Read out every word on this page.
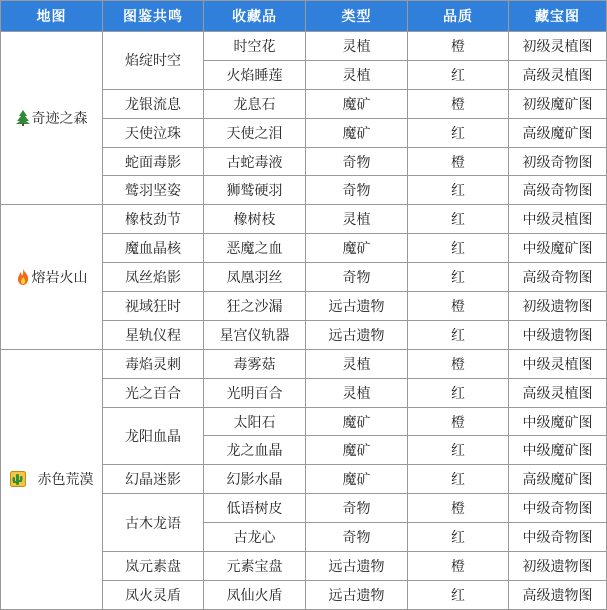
地图	图鉴共鸣	收藏品	类型	品质	藏宝图

奇迹之森	焰绽时空	时空花	灵植	橙	初级灵植图
		火焰睡莲	灵植	红	高级灵植图
	龙银流息	龙息石	魔矿	橙	初级魔矿图
	天使泣珠	天使之泪	魔矿	红	高级魔矿图
	蛇面毒影	古蛇毒液	奇物	橙	初级奇物图
	鹫羽坚姿	狮鹫硬羽	奇物	红	高级奇物图

熔岩火山	橡枝劲节	橡树枝	灵植	红	中级灵植图
	魔血晶核	恶魔之血	魔矿	红	中级魔矿图
	凤丝焰影	凤凰羽丝	奇物	红	高级奇物图
	视域狂时	狂之沙漏	远古遗物	橙	初级遗物图
	星轨仪程	星宫仪轨器	远古遗物	红	中级遗物图

赤色荒漠	毒焰灵刺	毒雾菇	灵植	橙	中级灵植图
	光之百合	光明百合	灵植	红	高级灵植图
	龙阳血晶	太阳石	魔矿	橙	中级魔矿图
		龙之血晶	魔矿	红	中级魔矿图
	幻晶迷影	幻影水晶	魔矿	红	高级魔矿图
	古木龙语	低语树皮	奇物	橙	中级奇物图
		古龙心	奇物	红	中级奇物图
	岚元素盘	元素宝盘	远古遗物	橙	初级遗物图
	凤火灵盾	凤仙火盾	远古遗物	红	高级遗物图
